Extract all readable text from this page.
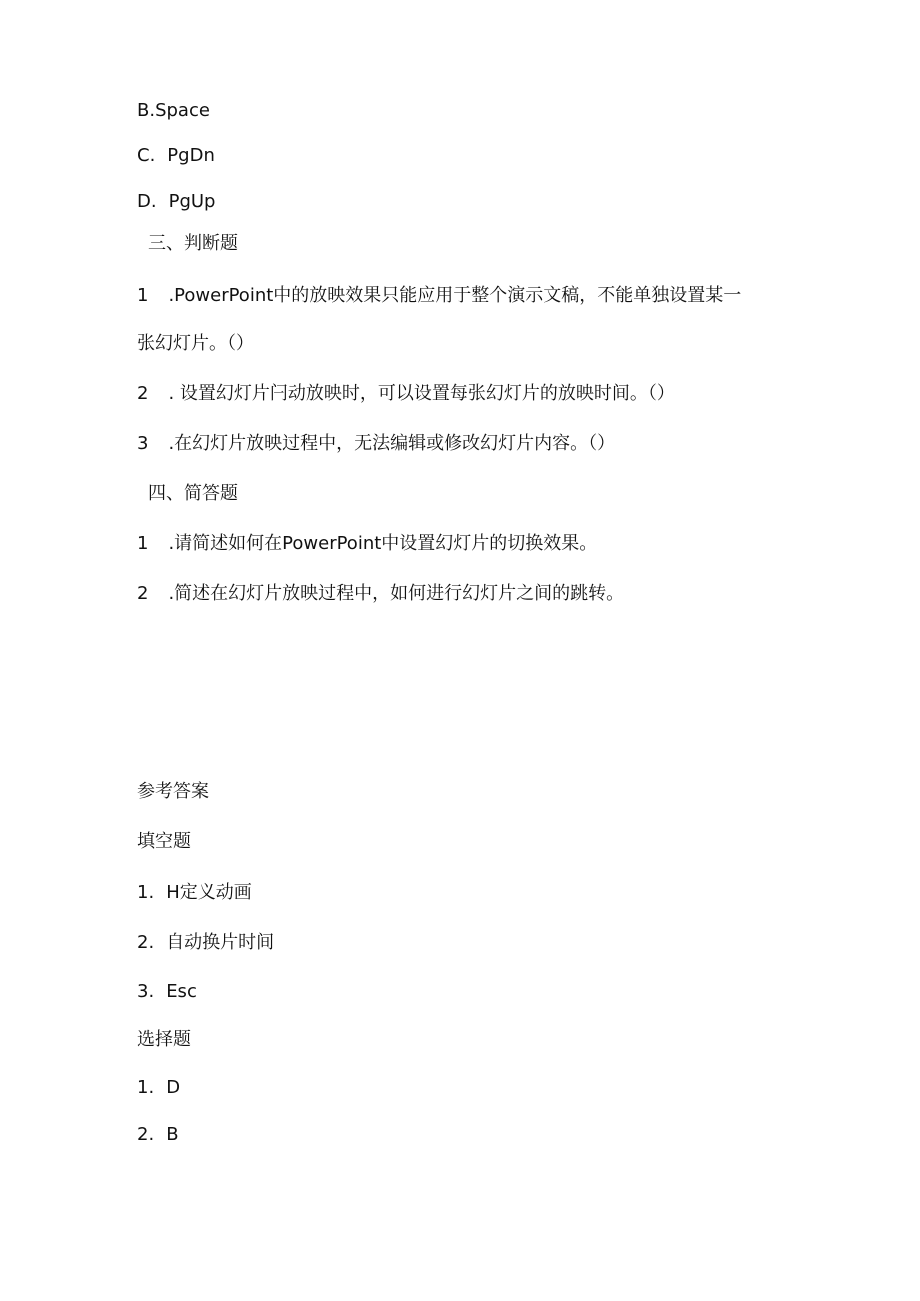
B.Space
C. PgDn
D. PgUp
三、判断题
1 .PowerPoint中的放映效果只能应用于整个演示文稿，不能单独设置某一
张幻灯片。（）
2 . 设置幻灯片闩动放映时，可以设置每张幻灯片的放映时间。（）
3 .在幻灯片放映过程中，无法编辑或修改幻灯片内容。（）
四、简答题
1 .请简述如何在PowerPoint中设置幻灯片的切换效果。
2 .简述在幻灯片放映过程中，如何进行幻灯片之间的跳转。
参考答案
填空题
1. H定义动画
2. 自动换片时间
3. Esc
选择题
1. D
2. B
